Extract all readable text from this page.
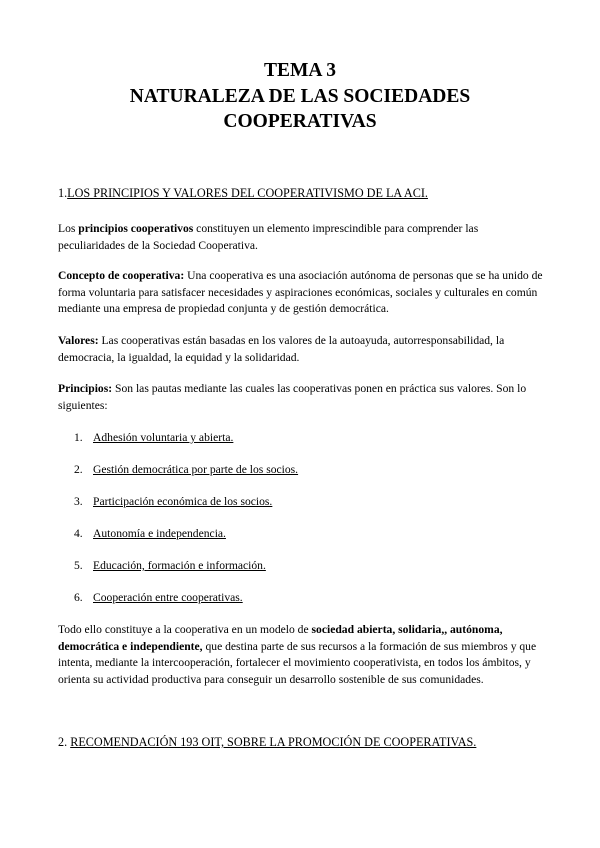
TEMA 3
NATURALEZA DE LAS SOCIEDADES
COOPERATIVAS
1.LOS PRINCIPIOS Y VALORES DEL COOPERATIVISMO DE LA ACI.

Los principios cooperativos constituyen un elemento imprescindible para comprender las peculiaridades de la Sociedad Cooperativa.

Concepto de cooperativa: Una cooperativa es una asociación autónoma de personas que se ha unido de forma voluntaria para satisfacer necesidades y aspiraciones económicas, sociales y culturales en común mediante una empresa de propiedad conjunta y de gestión democrática.

Valores: Las cooperativas están basadas en los valores de la autoayuda, autorresponsabilidad, la democracia, la igualdad, la equidad y la solidaridad.

Principios: Son las pautas mediante las cuales las cooperativas ponen en práctica sus valores. Son lo siguientes:

1. Adhesión voluntaria y abierta.
2. Gestión democrática por parte de los socios.
3. Participación económica de los socios.
4. Autonomía e independencia.
5. Educación, formación e información.
6. Cooperación entre cooperativas.

Todo ello constituye a la cooperativa en un modelo de sociedad abierta, solidaria,, autónoma, democrática e independiente, que destina parte de sus recursos a la formación de sus miembros y que intenta, mediante la intercooperación, fortalecer el movimiento cooperativista, en todos los ámbitos, y orienta su actividad productiva para conseguir un desarrollo sostenible de sus comunidades.

2. RECOMENDACIÓN 193 OIT, SOBRE LA PROMOCIÓN DE COOPERATIVAS.
